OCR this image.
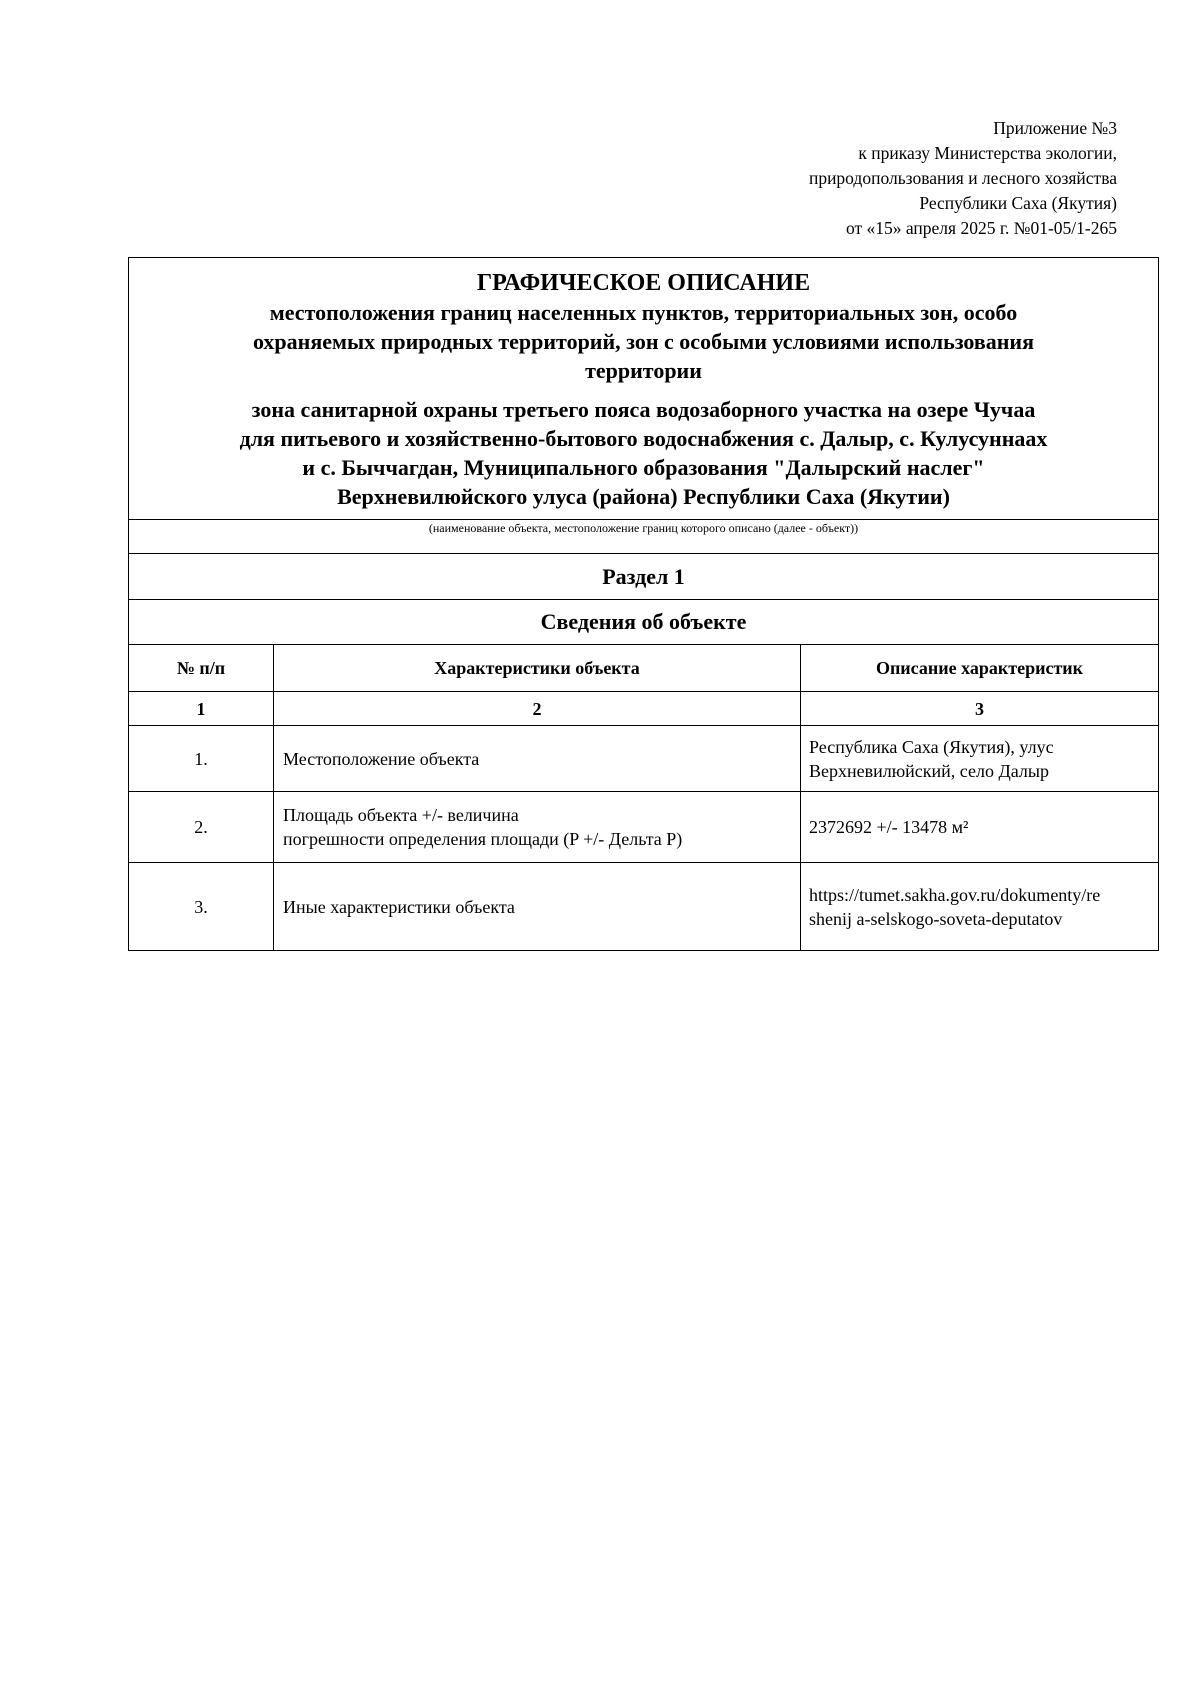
Приложение №3
к приказу Министерства экологии,
природопользования и лесного хозяйства
Республики Саха (Якутия)
от «15» апреля 2025 г. №01-05/1-265
ГРАФИЧЕСКОЕ ОПИСАНИЕ
местоположения границ населенных пунктов, территориальных зон, особо
охраняемых природных территорий, зон с особыми условиями использования
территории
зона санитарной охраны третьего пояса водозаборного участка на озере Чучаа
для питьевого и хозяйственно-бытового водоснабжения с. Далыр, с. Кулусуннаах
и с. Быччагдан, Муниципального образования "Далырский наслег"
Верхневилюйского улуса (района) Республики Саха (Якутии)
(наименование объекта, местоположение границ которого описано (далее - объект))
Раздел 1
Сведения об объекте
№ п/п	Характеристики объекта	Описание характеристик
1	2	3
1.	Местоположение объекта	Республика Саха (Якутия), улус
Верхневилюйский, село Далыр

2.	Площадь объекта +/- величина
погрешности определения площади (P +/- Дельта P)	2372692 +/- 13478 м²

3.	Иные характеристики объекта	https://tumet.sakha.gov.ru/dokumenty/re
shenij a-selskogo-soveta-deputatov
